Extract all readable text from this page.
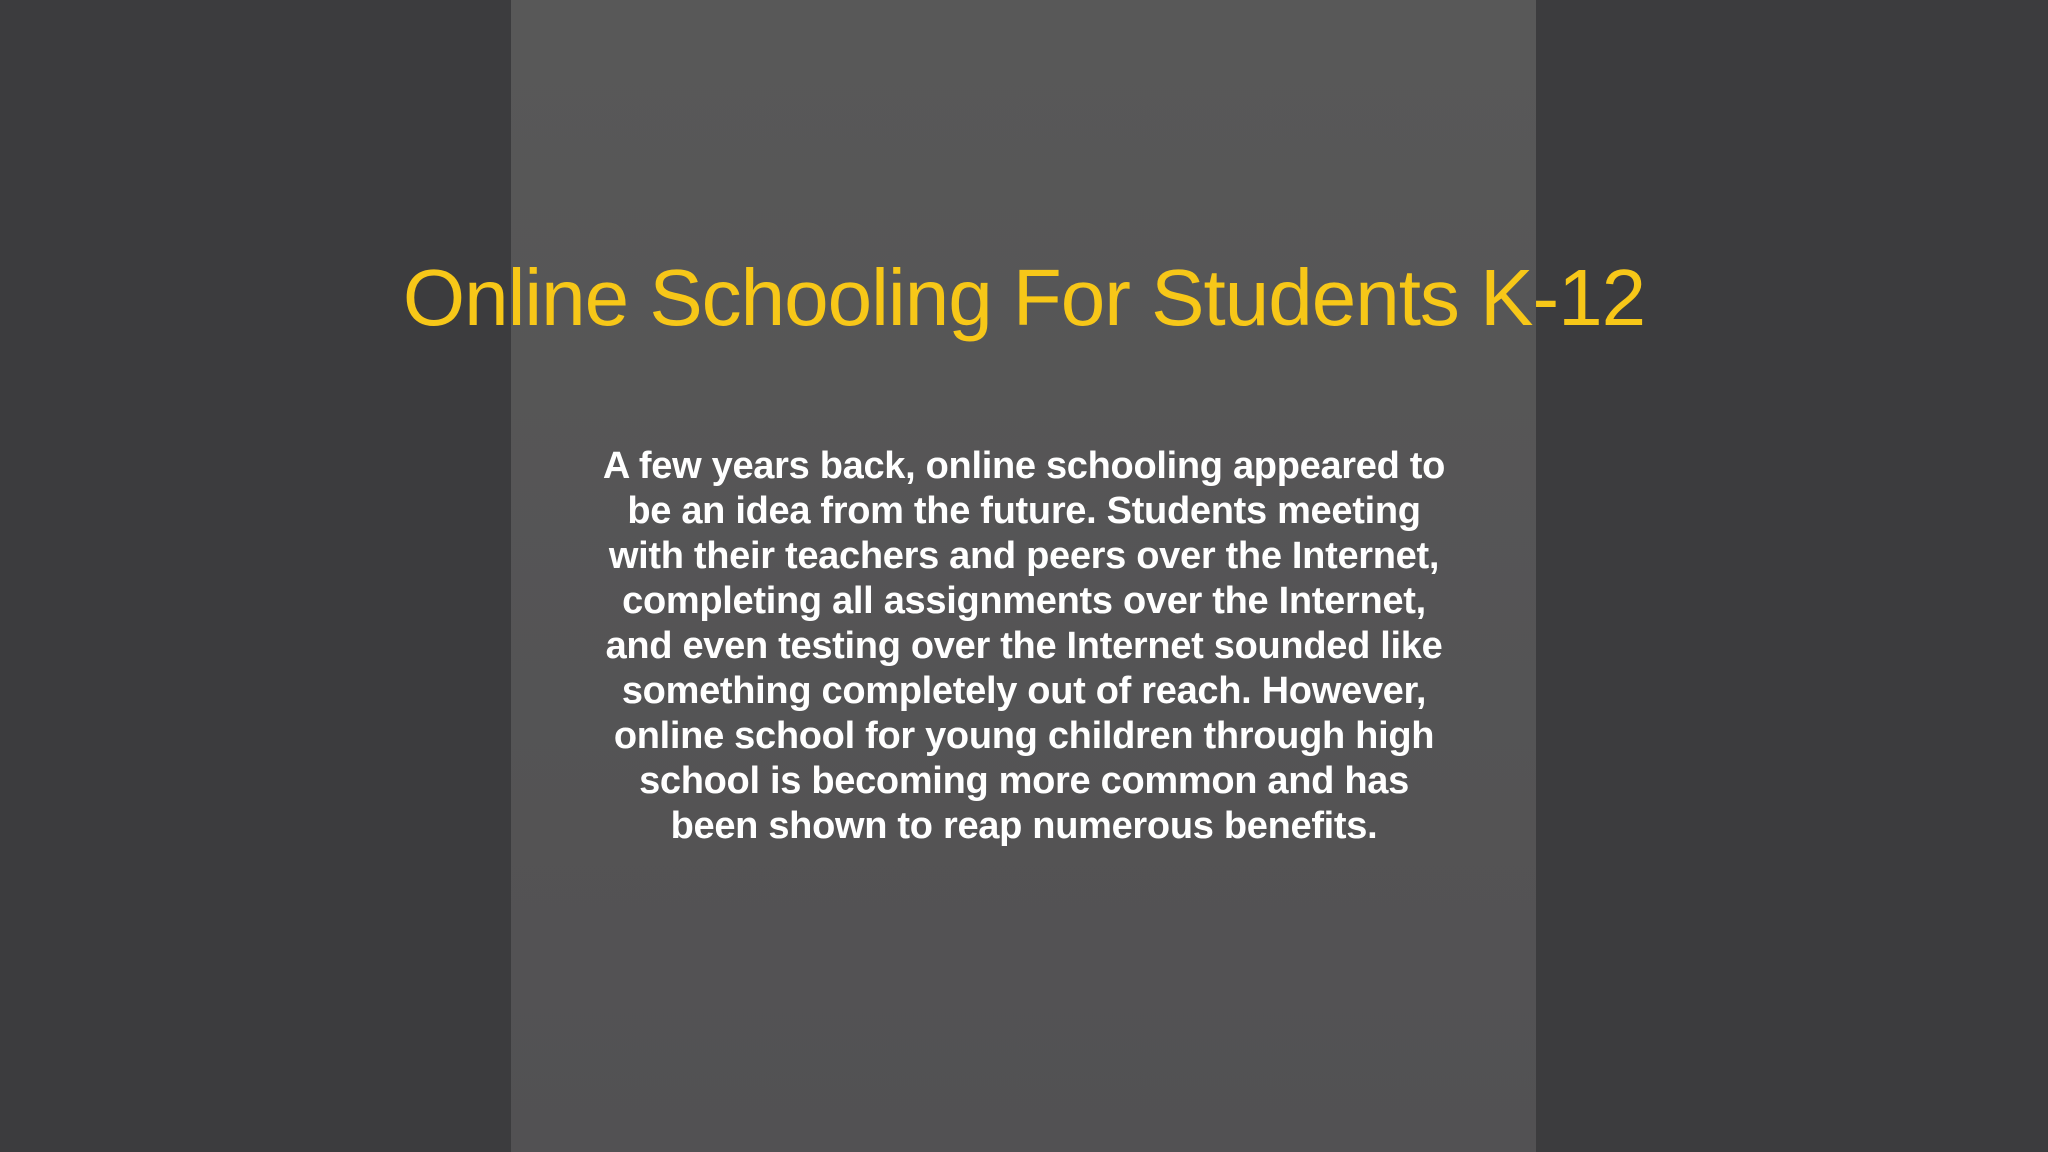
Online Schooling For Students K-12
A few years back, online schooling appeared to be an idea from the future. Students meeting with their teachers and peers over the Internet, completing all assignments over the Internet, and even testing over the Internet sounded like something completely out of reach. However, online school for young children through high school is becoming more common and has been shown to reap numerous benefits.
